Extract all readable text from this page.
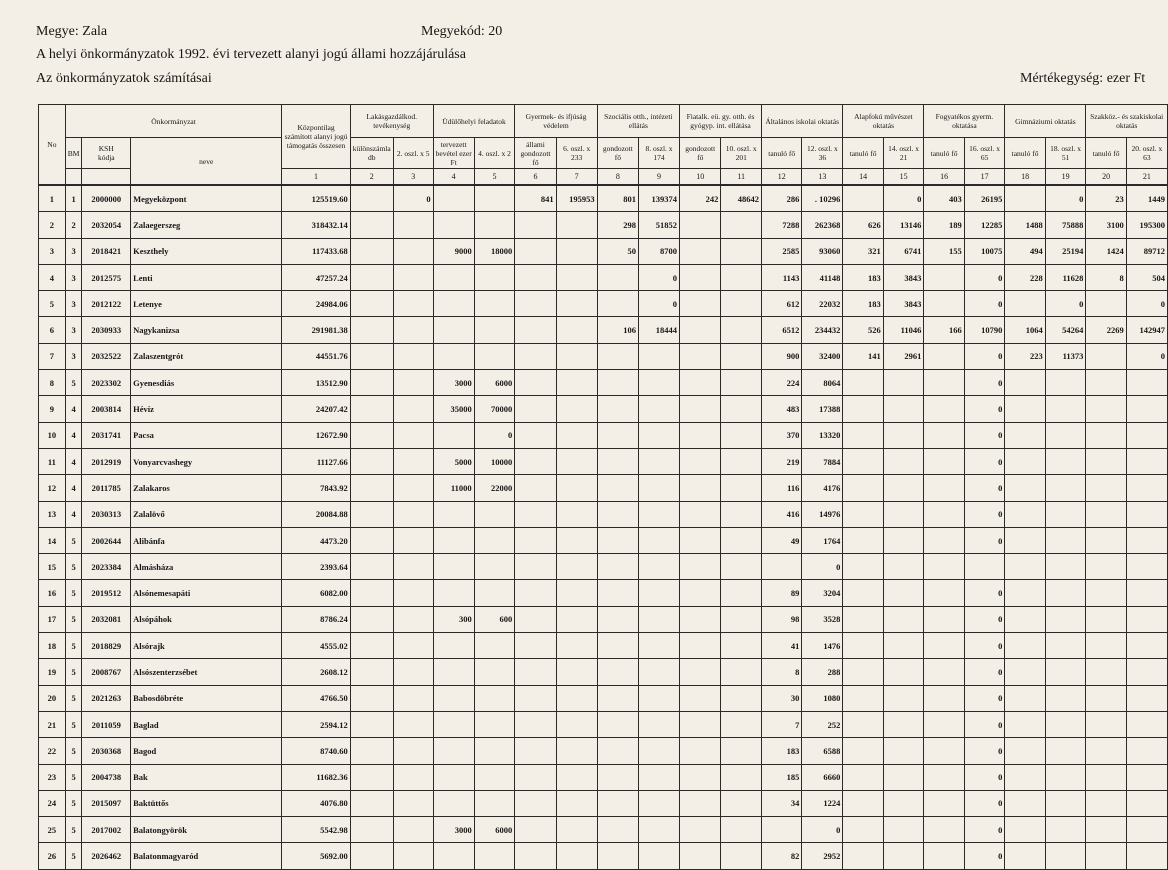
Megye: Zala	Megyekód: 20
A helyi önkormányzatok 1992. évi tervezett alanyi jogú állami hozzájárulása
Az önkormányzatok számításai	Mértékegység: ezer Ft
No	Önkormányzat			Központilag számított alanyi jogú támogatás összesen	Lakásgazdálkod. tevékenység		Üdülőhelyi feladatok		Gyermek- és ifjúság védelem		Szociális otth., intézeti ellátás		Fiatalk. eü. gy. otth. és gyógyp. int. ellátása		Általános iskolai oktatás		Alapfokú művészet oktatás		Fogyatékos gyerm. oktatása		Gimnáziumi oktatás		Szakköz.- és szakiskolai oktatás	
	BM	KSH
kódja	neve		különszámla db	2. oszl. x 5	tervezett bevétel ezer Ft	4. oszl. x 2	állami gondozott fő	6. oszl. x 233	gondozott fő	8. oszl. x 174	gondozott fő	10. oszl. x 201	tanuló fő	12. oszl. x 36	tanuló fő	14. oszl. x 21	tanuló fő	16. oszl. x 65	tanuló fő	18. oszl. x 51	tanuló fő	20. oszl. x 63
				1	2	3	4	5	6	7	8	9	10	11	12	13	14	15	16	17	18	19	20	21
1	1	2000000	Megyeközpont	125519.60		0			841	195953	801	139374	242	48642	286	. 10296		0	403	26195		0	23	1449
2	2	2032054	Zalaegerszeg	318432.14							298	51852			7288	262368	626	13146	189	12285	1488	75888	3100	195300
3	3	2018421	Keszthely	117433.68			9000	18000			50	8700			2585	93060	321	6741	155	10075	494	25194	1424	89712
4	3	2012575	Lenti	47257.24								0			1143	41148	183	3843		0	228	11628	8	504
5	3	2012122	Letenye	24984.06								0			612	22032	183	3843		0		0		0
6	3	2030933	Nagykanizsa	291981.38							106	18444			6512	234432	526	11046	166	10790	1064	54264	2269	142947
7	3	2032522	Zalaszentgrót	44551.76											900	32400	141	2961		0	223	11373		0
8	5	2023302	Gyenesdiás	13512.90			3000	6000							224	8064				0				
9	4	2003814	Hévíz	24207.42			35000	70000							483	17388				0				
10	4	2031741	Pacsa	12672.90				0							370	13320				0				
11	4	2012919	Vonyarcvashegy	11127.66			5000	10000							219	7884				0				
12	4	2011785	Zalakaros	7843.92			11000	22000							116	4176				0				
13	4	2030313	Zalalövő	20084.88											416	14976				0				
14	5	2002644	Alibánfa	4473.20											49	1764				0				
15	5	2023384	Almásháza	2393.64												0								
16	5	2019512	Alsónemesapáti	6082.00											89	3204				0				
17	5	2032081	Alsópáhok	8786.24			300	600							98	3528				0				
18	5	2018829	Alsórajk	4555.02											41	1476				0				
19	5	2008767	Alsószenterzsébet	2608.12											8	288				0				
20	5	2021263	Babosdöbréte	4766.50											30	1080				0				
21	5	2011059	Baglad	2594.12											7	252				0				
22	5	2030368	Bagod	8740.60											183	6588				0				
23	5	2004738	Bak	11682.36											185	6660				0				
24	5	2015097	Baktüttős	4076.80											34	1224				0				
25	5	2017002	Balatongyörök	5542.98			3000	6000								0				0				
26	5	2026462	Balatonmagyaród	5692.00											82	2952				0				
